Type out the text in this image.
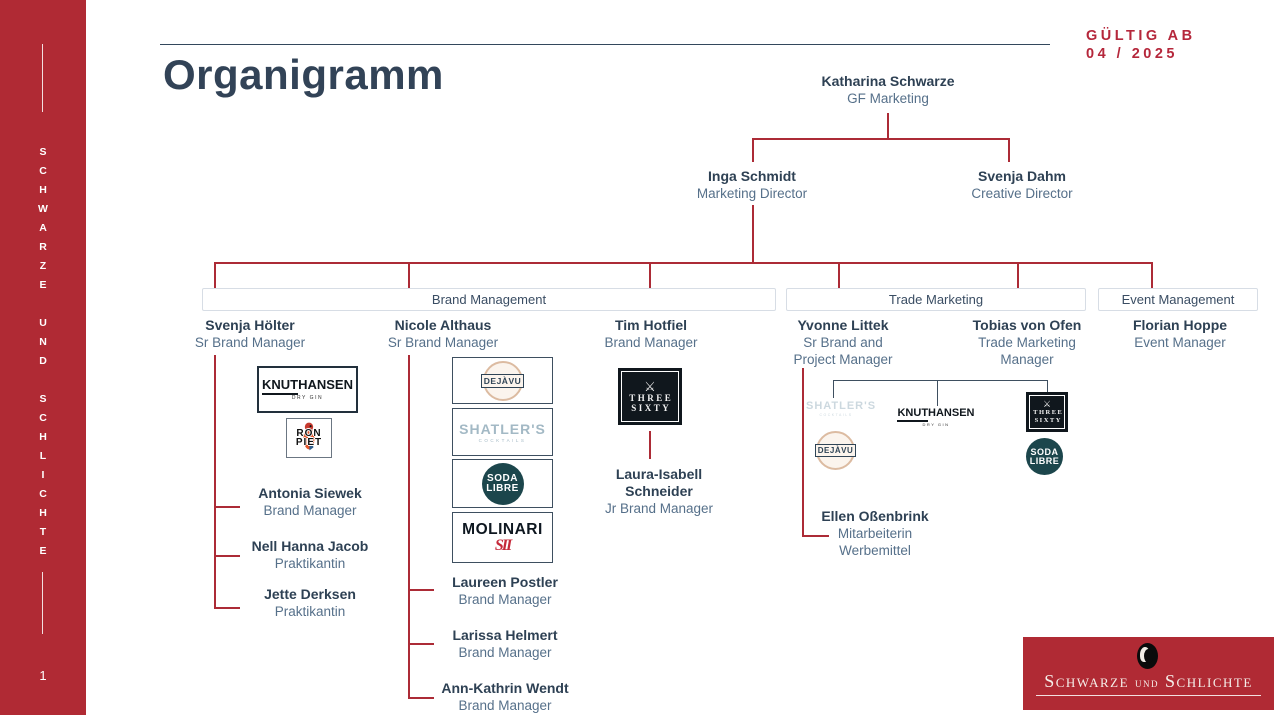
SCHWARZE UND SCHLICHTE
1
Organigramm
GÜLTIG AB
04 / 2025
Katharina Schwarze
GF Marketing
Inga Schmidt
Marketing Director
Svenja Dahm
Creative Director
Brand Management	Trade Marketing	Event Management
Svenja Hölter
Sr Brand Manager
Nicole Althaus
Sr Brand Manager
Tim Hotfiel
Brand Manager
Yvonne Littek
Sr Brand and Project Manager
Tobias von Ofen
Trade Marketing Manager
Florian Hoppe
Event Manager
KNUTHANSEN
DRY GIN
RON
PIET
Antonia Siewek
Brand Manager
Nell Hanna Jacob
Praktikantin
Jette Derksen
Praktikantin
DEJÀVU
SHATLER'S
COCKTAILS
SODA
LIBRE
MOLINARI
SII
Laureen Postler
Brand Manager
Larissa Helmert
Brand Manager
Ann-Kathrin Wendt
Brand Manager
⚔
THREE
SIXTY
Laura-Isabell Schneider
Jr Brand Manager
SHATLER'S
COCKTAILS	KNUTHANSEN
DRY GIN
⚔
THREE
SIXTY
DEJÀVU	SODA
LIBRE
Ellen Oßenbrink
Mitarbeiterin Werbemittel
Schwarze und Schlichte
